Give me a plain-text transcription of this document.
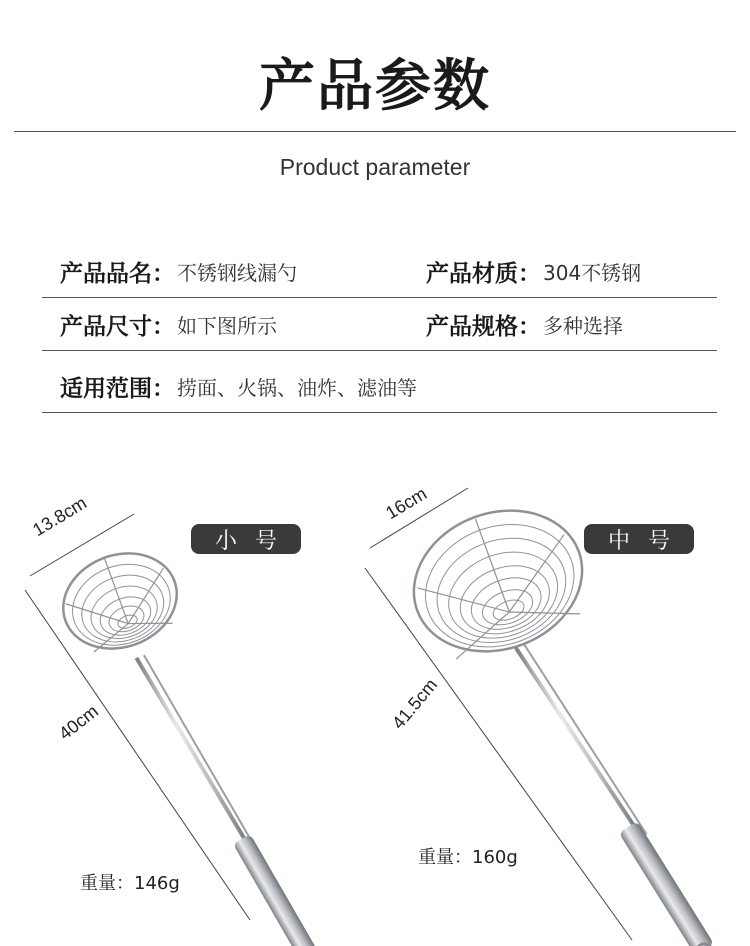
产品参数
Product parameter
产品品名： 不锈钢线漏勺	产品材质： 304不锈钢
产品尺寸： 如下图所示	产品规格： 多种选择
适用范围： 捞面、火锅、油炸、滤油等
小号
13.8cm
40cm
重量：146g
中号
16cm
41.5cm
重量：160g
